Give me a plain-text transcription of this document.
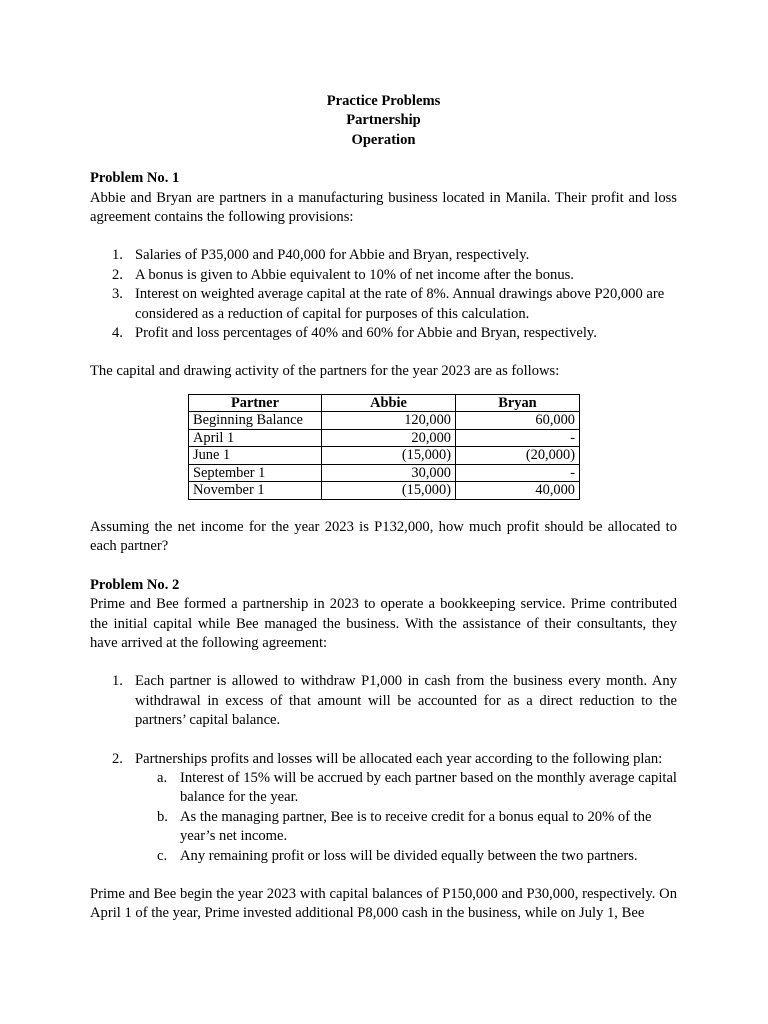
Practice Problems
Partnership
Operation
Problem No. 1
Abbie and Bryan are partners in a manufacturing business located in Manila. Their profit and loss agreement contains the following provisions:
1. Salaries of P35,000 and P40,000 for Abbie and Bryan, respectively.
2. A bonus is given to Abbie equivalent to 10% of net income after the bonus.
3. Interest on weighted average capital at the rate of 8%. Annual drawings above P20,000 are considered as a reduction of capital for purposes of this calculation.
4. Profit and loss percentages of 40% and 60% for Abbie and Bryan, respectively.
The capital and drawing activity of the partners for the year 2023 are as follows:
Partner	Abbie	Bryan
Beginning Balance	120,000	60,000
April 1	20,000	-
June 1	(15,000)	(20,000)
September 1	30,000	-
November 1	(15,000)	40,000
Assuming the net income for the year 2023 is P132,000, how much profit should be allocated to each partner?
Problem No. 2
Prime and Bee formed a partnership in 2023 to operate a bookkeeping service. Prime contributed the initial capital while Bee managed the business. With the assistance of their consultants, they have arrived at the following agreement:
1. Each partner is allowed to withdraw P1,000 in cash from the business every month. Any withdrawal in excess of that amount will be accounted for as a direct reduction to the partners’ capital balance.
2. Partnerships profits and losses will be allocated each year according to the following plan:
a. Interest of 15% will be accrued by each partner based on the monthly average capital balance for the year.
b. As the managing partner, Bee is to receive credit for a bonus equal to 20% of the year’s net income.
c. Any remaining profit or loss will be divided equally between the two partners.
Prime and Bee begin the year 2023 with capital balances of P150,000 and P30,000, respectively. On April 1 of the year, Prime invested additional P8,000 cash in the business, while on July 1, Bee
